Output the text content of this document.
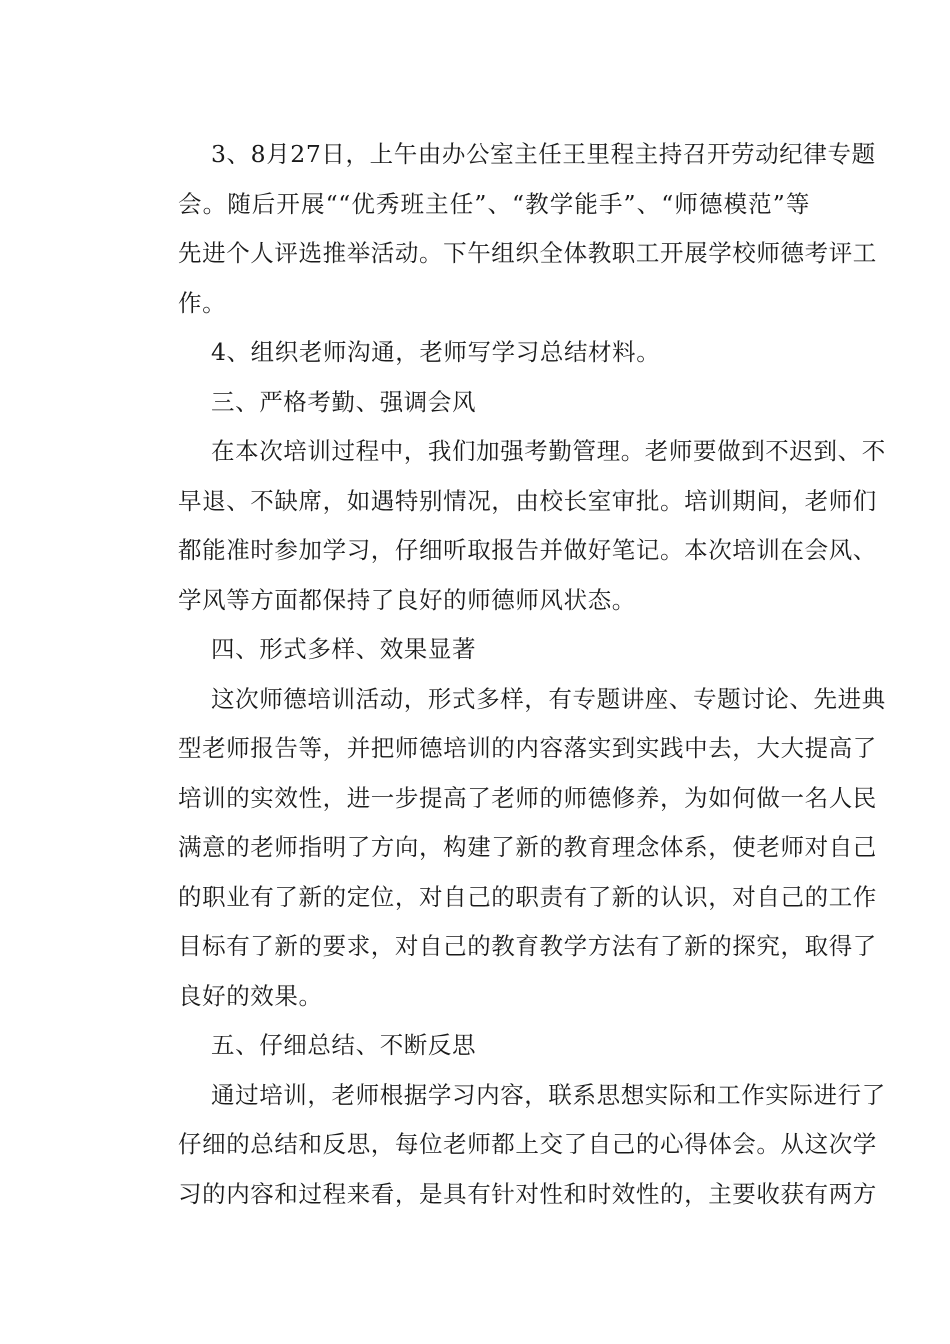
3、8月27日，上午由办公室主任王里程主持召开劳动纪律专题
会。随后开展““优秀班主任”、“教学能手”、“师德模范”等
先进个人评选推举活动。下午组织全体教职工开展学校师德考评工
作。
4、组织老师沟通，老师写学习总结材料。
三、严格考勤、强调会风
在本次培训过程中，我们加强考勤管理。老师要做到不迟到、不
早退、不缺席，如遇特别情况，由校长室审批。培训期间，老师们
都能准时参加学习，仔细听取报告并做好笔记。本次培训在会风、
学风等方面都保持了良好的师德师风状态。
四、形式多样、效果显著
这次师德培训活动，形式多样，有专题讲座、专题讨论、先进典
型老师报告等，并把师德培训的内容落实到实践中去，大大提高了
培训的实效性，进一步提高了老师的师德修养，为如何做一名人民
满意的老师指明了方向，构建了新的教育理念体系，使老师对自己
的职业有了新的定位，对自己的职责有了新的认识，对自己的工作
目标有了新的要求，对自己的教育教学方法有了新的探究，取得了
良好的效果。
五、仔细总结、不断反思
通过培训，老师根据学习内容，联系思想实际和工作实际进行了
仔细的总结和反思，每位老师都上交了自己的心得体会。从这次学
习的内容和过程来看，是具有针对性和时效性的，主要收获有两方
